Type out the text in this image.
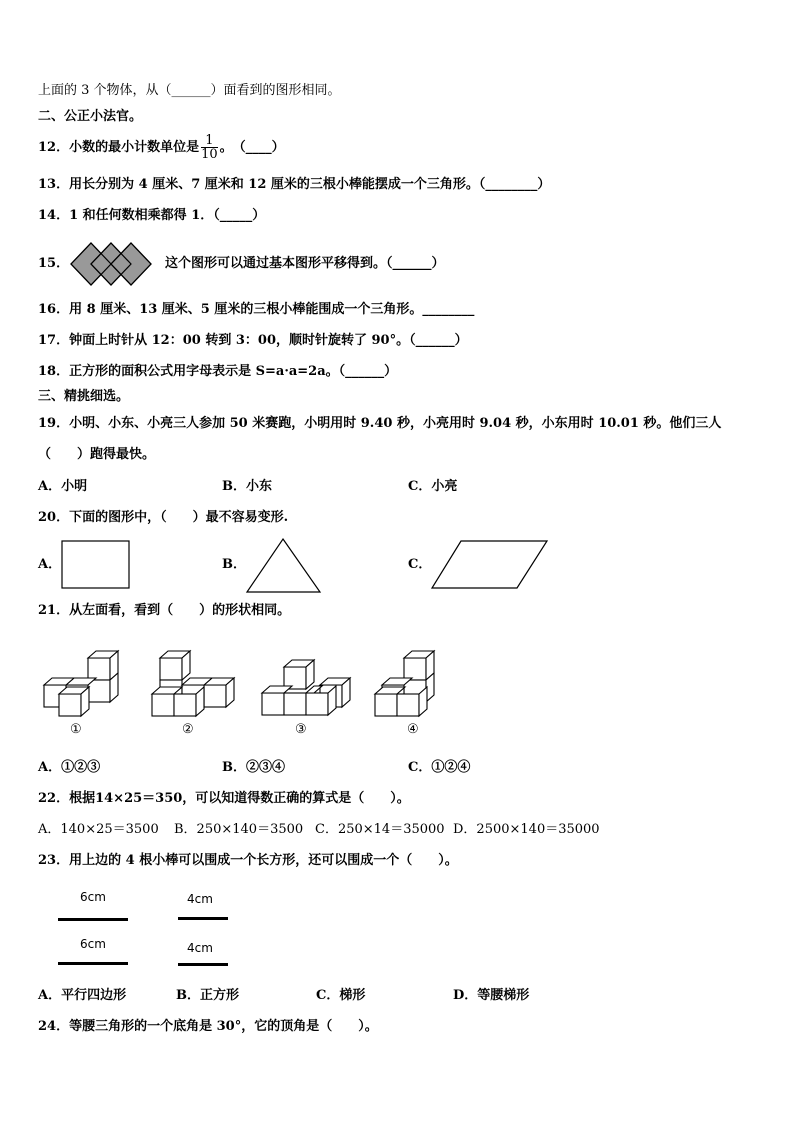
上面的 3 个物体，从（______）面看到的图形相同。
二、公正小法官。
12．小数的最小计数单位是 $\frac{1}{10}$ 。　（____）
13．用长分别为 4 厘米、7 厘米和 12 厘米的三根小棒能摆成一个三角形。（________）
14．1 和任何数相乘都得 1．（_____）
15．	这个图形可以通过基本图形平移得到。（______）
16．用 8 厘米、13 厘米、5 厘米的三根小棒能围成一个三角形。________
17．钟面上时针从 12：00 转到 3：00，顺时针旋转了 90°。（______）
18．正方形的面积公式用字母表示是 S=a·a=2a。（______）
三、精挑细选。
19．小明、小东、小亮三人参加 50 米赛跑，小明用时 9.40 秒，小亮用时 9.04 秒，小东用时 10.01 秒。他们三人
（　　）跑得最快。
A．小明	B．小东	C．小亮
20．下面的图形中，（　　）最不容易变形.
A．	B．	C．
21．从左面看，看到（　　）的形状相同。
①	②	③	④
A．①②③	B．②③④	C．①②④
22．根据14×25＝350，可以知道得数正确的算式是（　　）。
A．140×25＝3500 B．250×140＝3500 C．250×14＝35000 D．2500×140＝35000
23．用上边的 4 根小棒可以围成一个长方形，还可以围成一个（　　）。
6cm	4cm
6cm	4cm
A．平行四边形	B．正方形	C．梯形	D．等腰梯形
24．等腰三角形的一个底角是 30°，它的顶角是（　　）。
